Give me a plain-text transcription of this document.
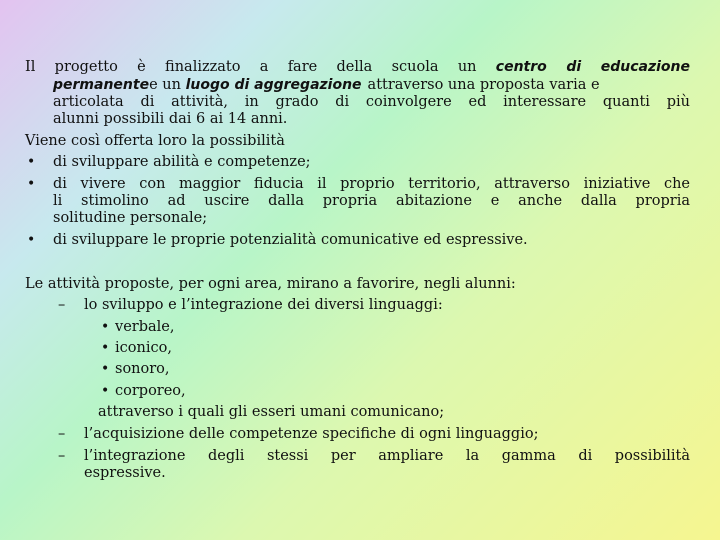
Il progetto è finalizzato a fare della scuola un centro di educazione
permanentee un luogo di aggregazione attraverso una proposta varia e
articolata di attività, in grado di coinvolgere ed interessare quanti più
alunni possibili dai 6 ai 14 anni.
Viene così offerta loro la possibilità
• di sviluppare abilità e competenze;
• di vivere con maggior fiducia il proprio territorio, attraverso iniziative che
li stimolino ad uscire dalla propria abitazione e anche dalla propria
solitudine personale;
• di sviluppare le proprie potenzialità comunicative ed espressive.
Le attività proposte, per ogni area, mirano a favorire, negli alunni:
– lo sviluppo e l’integrazione dei diversi linguaggi:
• verbale,
• iconico,
• sonoro,
• corporeo,
attraverso i quali gli esseri umani comunicano;
– l’acquisizione delle competenze specifiche di ogni linguaggio;
– l’integrazione degli stessi per ampliare la gamma di possibilità
espressive.
